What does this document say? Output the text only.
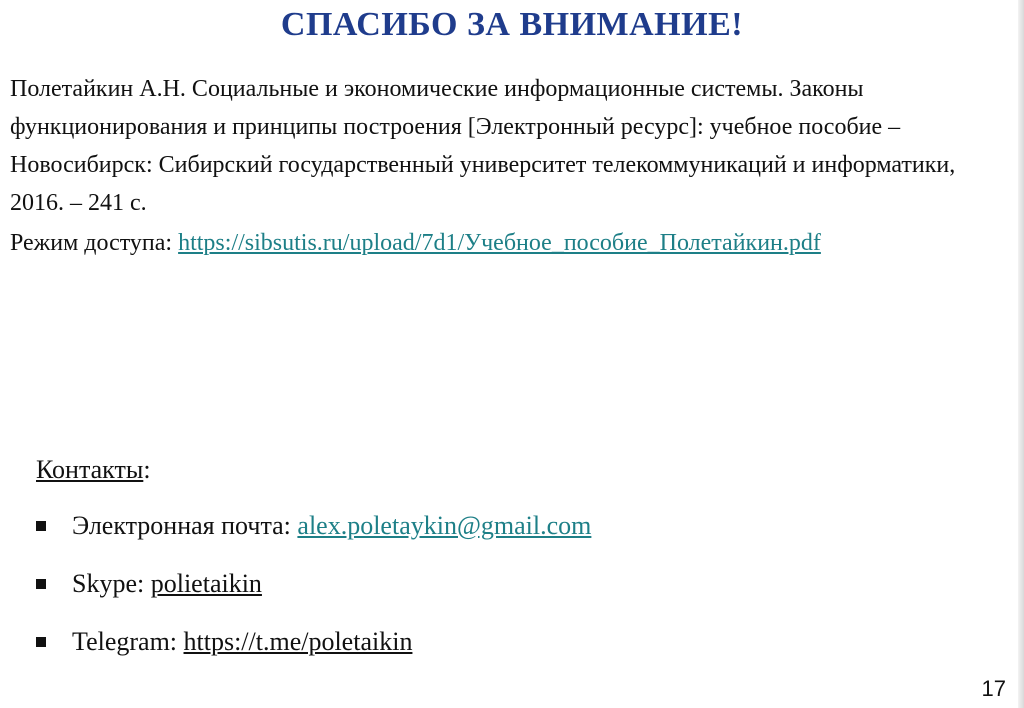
СПАСИБО ЗА ВНИМАНИЕ!
Полетайкин А.Н. Социальные и экономические информационные системы. Законы функционирования и принципы построения [Электронный ресурс]: учебное пособие – Новосибирск: Сибирский государственный университет телекоммуникаций и информатики, 2016. – 241 с.
Режим доступа: https://sibsutis.ru/upload/7d1/Учебное_пособие_Полетайкин.pdf
Контакты:
Электронная почта: alex.poletaykin@gmail.com
Skype: polietaikin
Telegram: https://t.me/poletaikin
17
